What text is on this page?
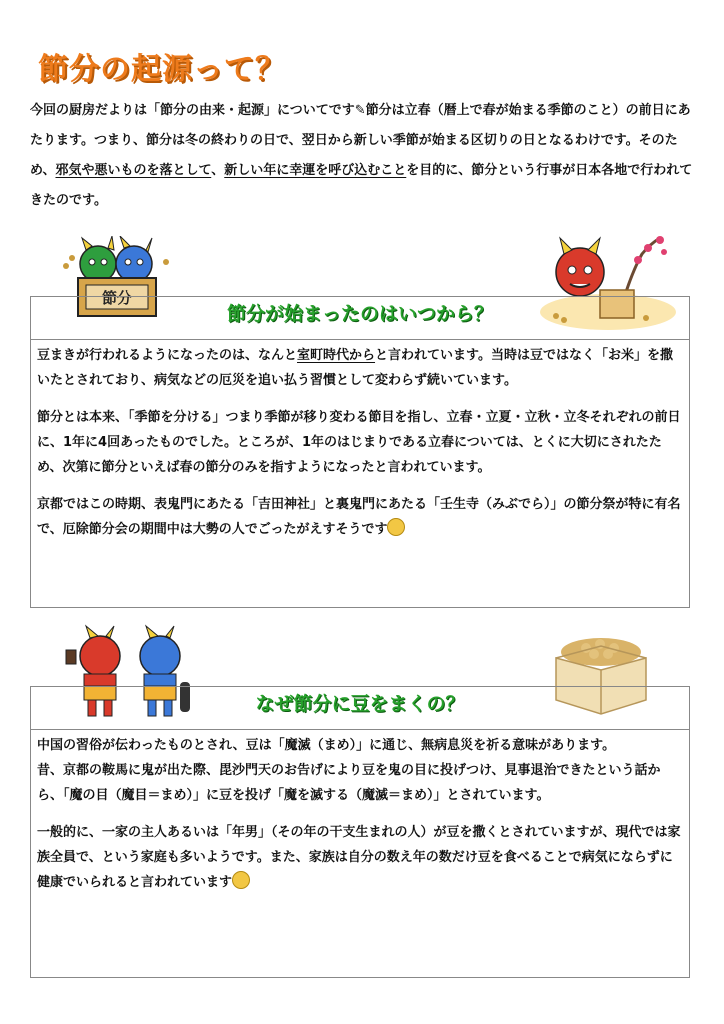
節分の起源って？
今回の厨房だよりは「節分の由来・起源」についてです✎節分は立春（暦上で春が始まる季節のこと）の前日にあたります。つまり、節分は冬の終わりの日で、翌日から新しい季節が始まる区切りの日となるわけです。そのため、邪気や悪いものを落として、新しい年に幸運を呼び込むことを目的に、節分という行事が日本各地で行われてきたのです。
節分
節分が始まったのはいつから？

豆まきが行われるようになったのは、なんと室町時代からと言われています。当時は豆ではなく「お米」を撒いたとされており、病気などの厄災を追い払う習慣として変わらず続いています。

節分とは本来、「季節を分ける」つまり季節が移り変わる節目を指し、立春・立夏・立秋・立冬それぞれの前日に、1年に4回あったものでした。ところが、1年のはじまりである立春については、とくに大切にされたため、次第に節分といえば春の節分のみを指すようになったと言われています。

京都ではこの時期、表鬼門にあたる「吉田神社」と裏鬼門にあたる「壬生寺（みぶでら）」の節分祭が特に有名で、厄除節分会の期間中は大勢の人でごったがえすそうです

なぜ節分に豆をまくの？

中国の習俗が伝わったものとされ、豆は「魔滅（まめ）」に通じ、無病息災を祈る意味があります。

昔、京都の鞍馬に鬼が出た際、毘沙門天のお告げにより豆を鬼の目に投げつけ、見事退治できたという話から、「魔の目（魔目＝まめ）」に豆を投げ「魔を滅する（魔滅＝まめ）」とされています。

一般的に、一家の主人あるいは「年男」（その年の干支生まれの人）が豆を撒くとされていますが、現代では家族全員で、という家庭も多いようです。また、家族は自分の数え年の数だけ豆を食べることで病気にならずに健康でいられると言われています
